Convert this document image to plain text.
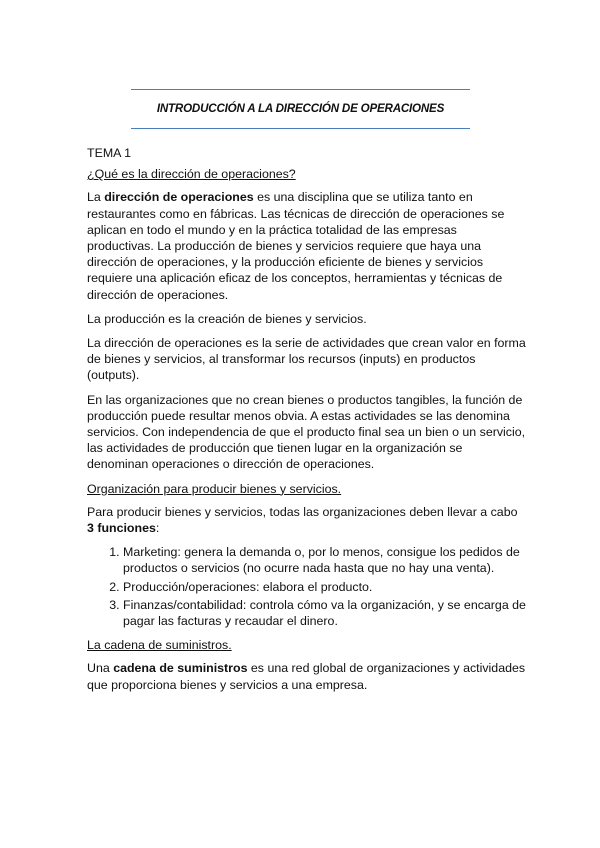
INTRODUCCIÓN A LA DIRECCIÓN DE OPERACIONES

TEMA 1

¿Qué es la dirección de operaciones?

La dirección de operaciones es una disciplina que se utiliza tanto en restaurantes como en fábricas. Las técnicas de dirección de operaciones se aplican en todo el mundo y en la práctica totalidad de las empresas productivas. La producción de bienes y servicios requiere que haya una dirección de operaciones, y la producción eficiente de bienes y servicios requiere una aplicación eficaz de los conceptos, herramientas y técnicas de dirección de operaciones.

La producción es la creación de bienes y servicios.

La dirección de operaciones es la serie de actividades que crean valor en forma de bienes y servicios, al transformar los recursos (inputs) en productos (outputs).

En las organizaciones que no crean bienes o productos tangibles, la función de producción puede resultar menos obvia. A estas actividades se las denomina servicios. Con independencia de que el producto final sea un bien o un servicio, las actividades de producción que tienen lugar en la organización se denominan operaciones o dirección de operaciones.

Organización para producir bienes y servicios.

Para producir bienes y servicios, todas las organizaciones deben llevar a cabo 3 funciones:

1. Marketing: genera la demanda o, por lo menos, consigue los pedidos de productos o servicios (no ocurre nada hasta que no hay una venta).
2. Producción/operaciones: elabora el producto.
3. Finanzas/contabilidad: controla cómo va la organización, y se encarga de pagar las facturas y recaudar el dinero.

La cadena de suministros.

Una cadena de suministros es una red global de organizaciones y actividades que proporciona bienes y servicios a una empresa.
